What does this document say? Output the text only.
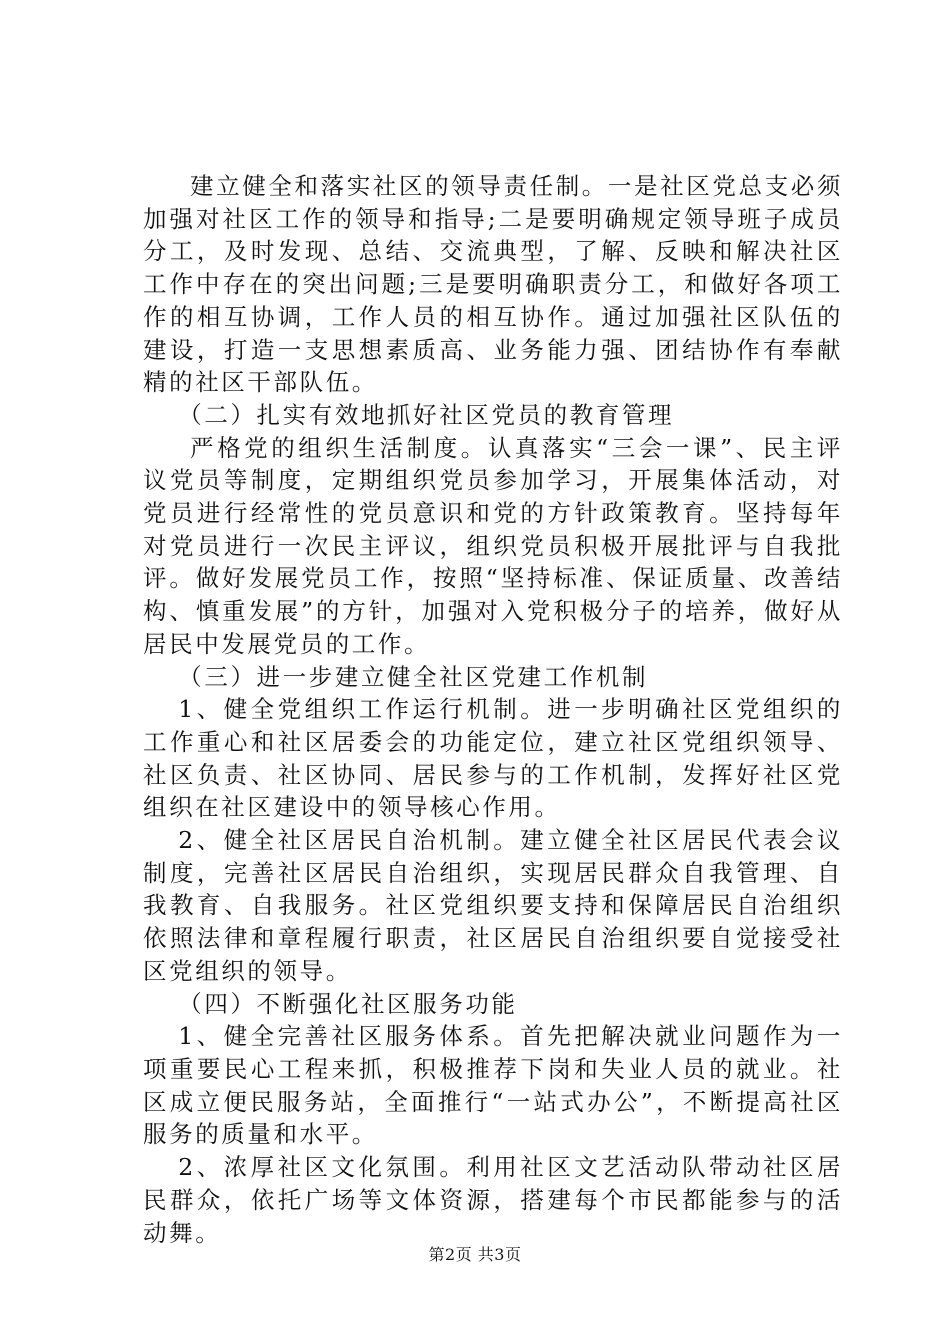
建立健全和落实社区的领导责任制。一是社区党总支必须加强对社区工作的领导和指导;二是要明确规定领导班子成员分工，及时发现、总结、交流典型，了解、反映和解决社区工作中存在的突出问题;三是要明确职责分工，和做好各项工作的相互协调，工作人员的相互协作。通过加强社区队伍的建设，打造一支思想素质高、业务能力强、团结协作有奉献精的社区干部队伍。

（二）扎实有效地抓好社区党员的教育管理

严格党的组织生活制度。认真落实“三会一课”、民主评议党员等制度，定期组织党员参加学习，开展集体活动，对党员进行经常性的党员意识和党的方针政策教育。坚持每年对党员进行一次民主评议，组织党员积极开展批评与自我批评。做好发展党员工作，按照“坚持标准、保证质量、改善结构、慎重发展”的方针，加强对入党积极分子的培养，做好从居民中发展党员的工作。

（三）进一步建立健全社区党建工作机制

1、健全党组织工作运行机制。进一步明确社区党组织的工作重心和社区居委会的功能定位，建立社区党组织领导、社区负责、社区协同、居民参与的工作机制，发挥好社区党组织在社区建设中的领导核心作用。

2、健全社区居民自治机制。建立健全社区居民代表会议制度，完善社区居民自治组织，实现居民群众自我管理、自我教育、自我服务。社区党组织要支持和保障居民自治组织依照法律和章程履行职责，社区居民自治组织要自觉接受社区党组织的领导。

（四）不断强化社区服务功能

1、健全完善社区服务体系。首先把解决就业问题作为一项重要民心工程来抓，积极推荐下岗和失业人员的就业。社区成立便民服务站，全面推行“一站式办公”，不断提高社区服务的质量和水平。

2、浓厚社区文化氛围。利用社区文艺活动队带动社区居民群众，依托广场等文体资源，搭建每个市民都能参与的活动舞。

第2页 共3页
